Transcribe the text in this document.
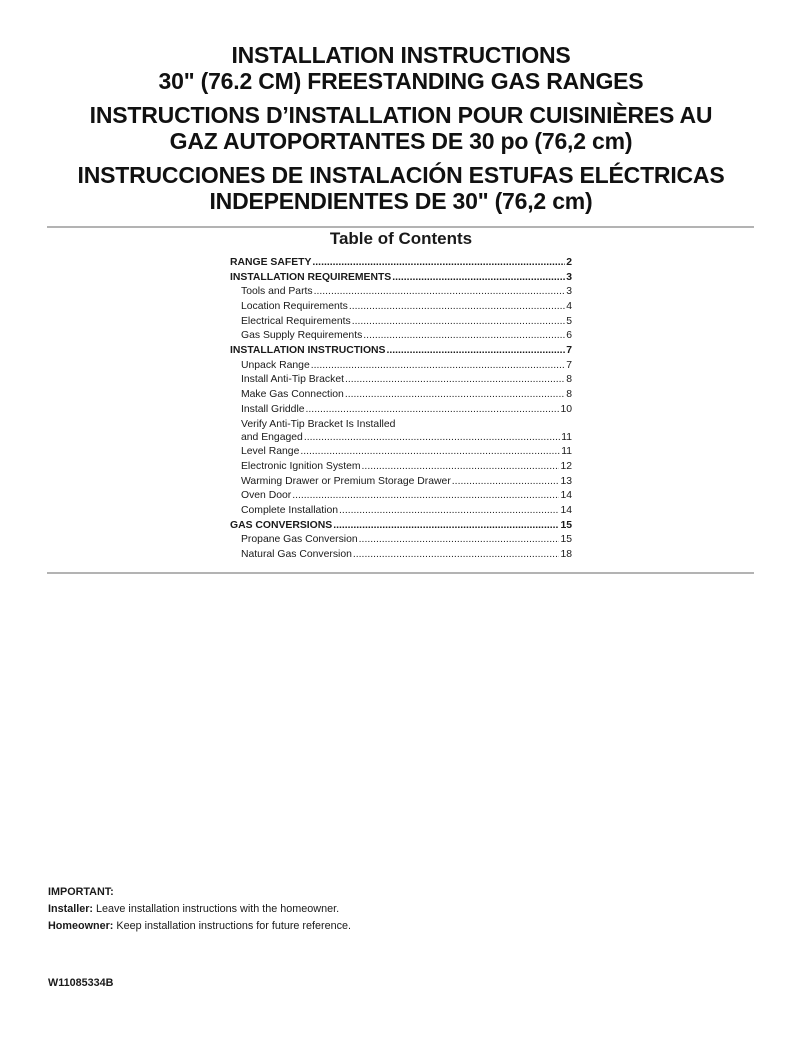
INSTALLATION INSTRUCTIONS
30" (76.2 CM) FREESTANDING GAS RANGES
INSTRUCTIONS D’INSTALLATION POUR CUISINIÈRES AU
GAZ AUTOPORTANTES DE 30 po (76,2 cm)
INSTRUCCIONES DE INSTALACIÓN ESTUFAS ELÉCTRICAS
INDEPENDIENTES DE 30" (76,2 cm)
Table of Contents
RANGE SAFETY .....	2
INSTALLATION REQUIREMENTS .....	3
Tools and Parts .....	3
Location Requirements .....	4
Electrical Requirements .....	5
Gas Supply Requirements .....	6
INSTALLATION INSTRUCTIONS .....	7
Unpack Range .....	7
Install Anti-Tip Bracket .....	8
Make Gas Connection .....	8
Install Griddle .....	10
Verify Anti-Tip Bracket Is Installed
and Engaged .....	11
Level Range .....	11
Electronic Ignition System .....	12
Warming Drawer or Premium Storage Drawer .....	13
Oven Door .....	14
Complete Installation .....	14
GAS CONVERSIONS .....	15
Propane Gas Conversion .....	15
Natural Gas Conversion .....	18
IMPORTANT:
Installer: Leave installation instructions with the homeowner.
Homeowner: Keep installation instructions for future reference.
W11085334B
